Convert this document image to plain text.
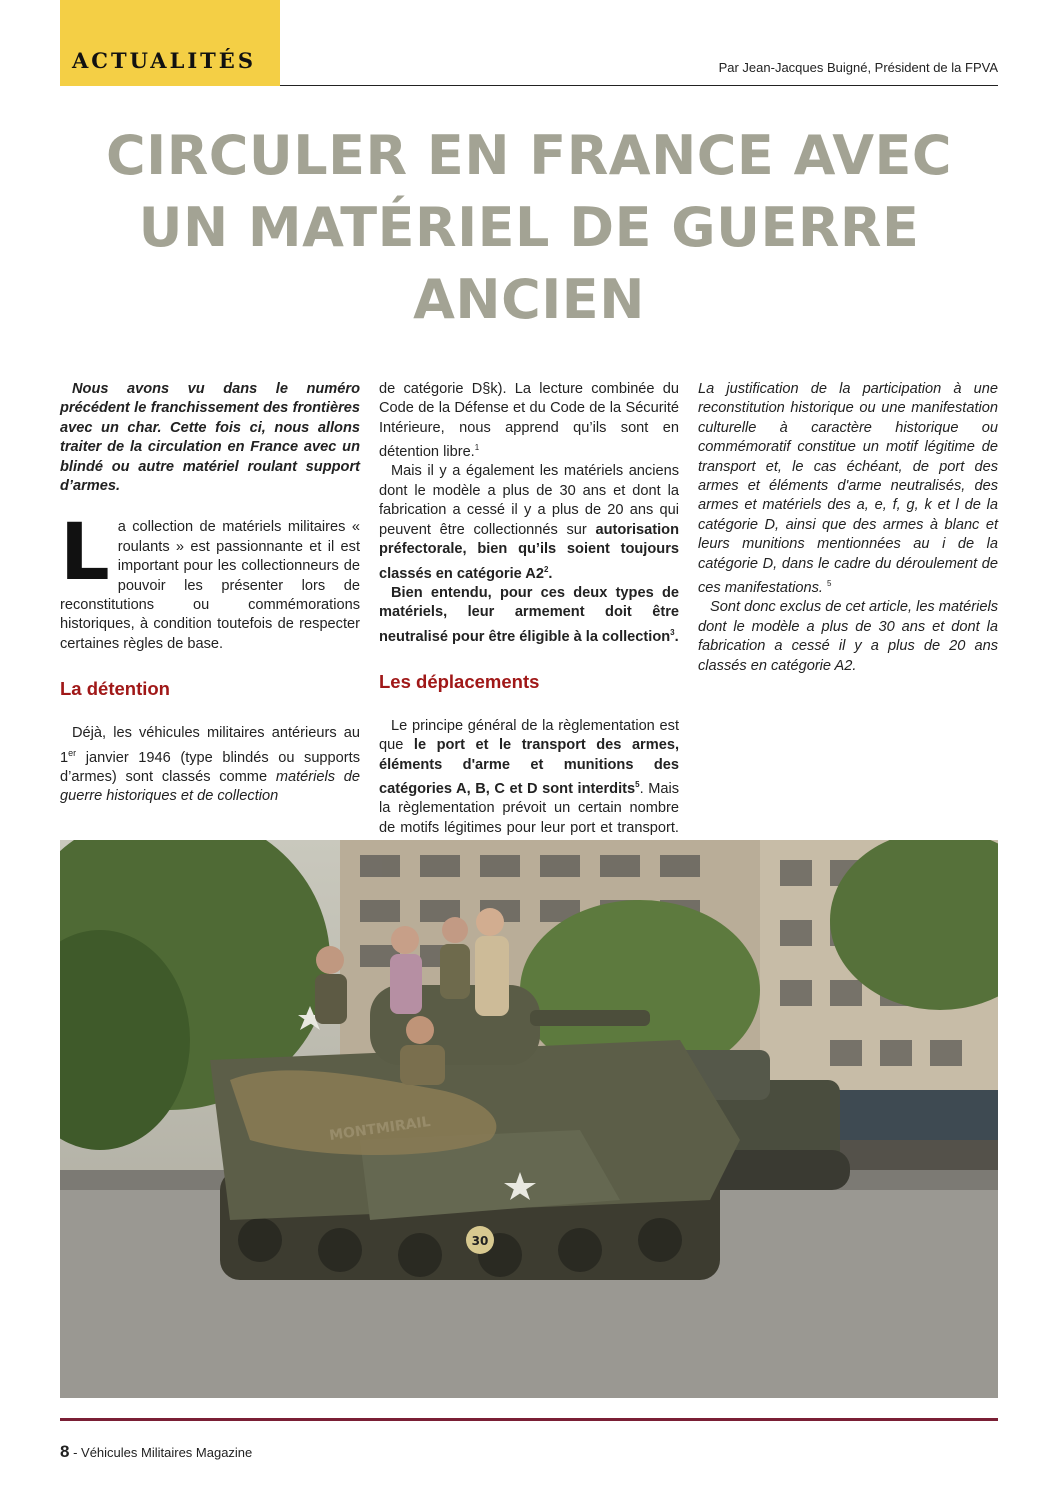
ACTUALITÉS	Par Jean-Jacques Buigné, Président de la FPVA
CIRCULER EN FRANCE AVEC
UN MATÉRIEL DE GUERRE
ANCIEN

Nous avons vu dans le numéro précédent le franchissement des frontières avec un char. Cette fois ci, nous allons traiter de la circulation en France avec un blindé ou autre matériel roulant support d’armes.

La collection de matériels militaires « roulants » est passionnante et il est important pour les collectionneurs de pouvoir les présenter lors de reconstitutions ou commémorations historiques, à condition toutefois de respecter certaines règles de base.

La détention

Déjà, les véhicules militaires antérieurs au 1er janvier 1946 (type blindés ou supports d’armes) sont classés comme matériels de guerre historiques et de collection

de catégorie D§k). La lecture combinée du Code de la Défense et du Code de la Sécurité Intérieure, nous apprend qu’ils sont en détention libre.$^1$

Mais il y a également les matériels anciens dont le modèle a plus de 30 ans et dont la fabrication a cessé il y a plus de 20 ans qui peuvent être collectionnés sur autorisation préfectorale, bien qu’ils soient toujours classés en catégorie $A2^2$.

Bien entendu, pour ces deux types de matériels, leur armement doit être neutralisé pour être éligible à la collection$^3$.

Les déplacements

Le principe général de la règlementation est que le port et le transport des armes, éléments d'arme et munitions des catégories A, B, C et D sont interdits$^5$. Mais la règlementation prévoit un certain nombre de motifs légitimes pour leur port et transport.

La justification de la participation à une reconstitution historique ou une manifestation culturelle à caractère historique ou commémoratif constitue un motif légitime de transport et, le cas échéant, de port des armes et éléments d'arme neutralisés, des armes et matériels des a, e, f, g, k et l de la catégorie D, ainsi que des armes à blanc et leurs munitions mentionnées au i de la catégorie D, dans le cadre du déroulement de ces manifestations. $^5$

Sont donc exclus de cet article, les matériels dont le modèle a plus de 30 ans et dont la fabrication a cessé il y a plus de 20 ans classés en catégorie A2.

30
8 - Véhicules Militaires Magazine
